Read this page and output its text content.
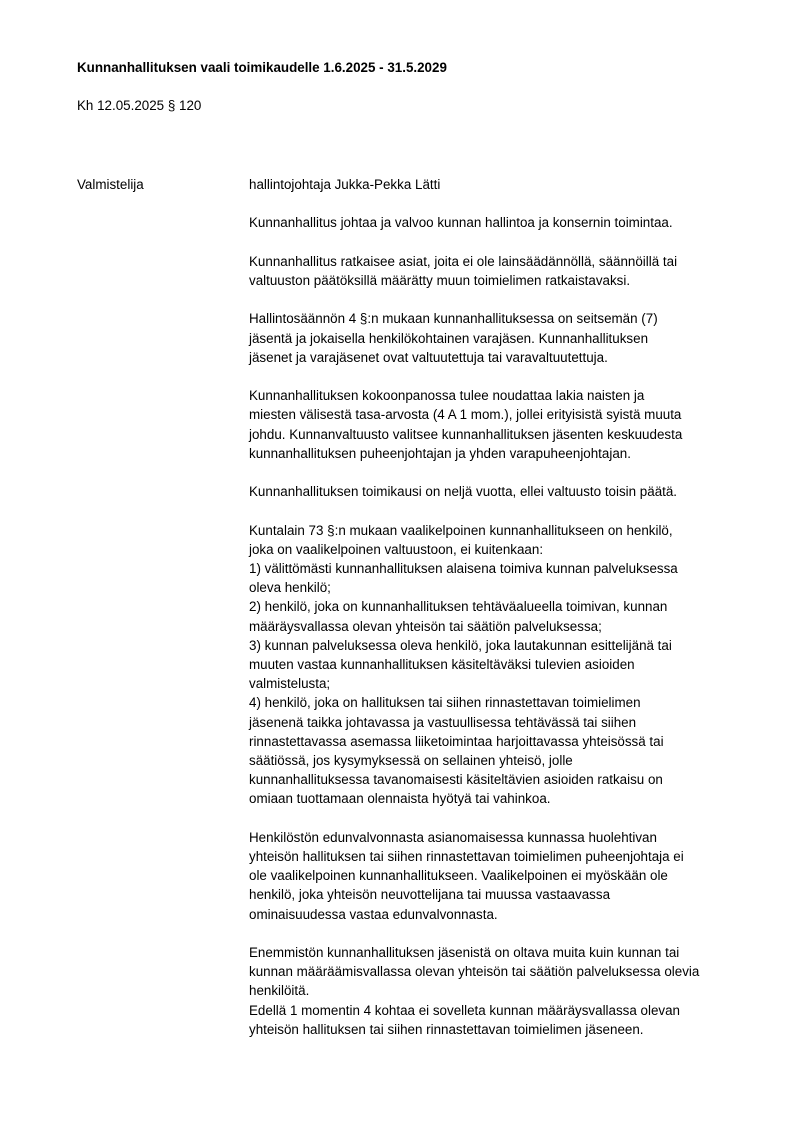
Kunnanhallituksen vaali toimikaudelle 1.6.2025 - 31.5.2029
Kh 12.05.2025 § 120
Valmistelija	hallintojohtaja Jukka-Pekka Lätti
Kunnanhallitus johtaa ja valvoo kunnan hallintoa ja konsernin toimintaa.
Kunnanhallitus ratkaisee asiat, joita ei ole lainsäädännöllä, säännöillä tai
valtuuston päätöksillä määrätty muun toimielimen ratkaistavaksi.
Hallintosäännön 4 §:n mukaan kunnanhallituksessa on seitsemän (7)
jäsentä ja jokaisella henkilökohtainen varajäsen. Kunnanhallituksen
jäsenet ja varajäsenet ovat valtuutettuja tai varavaltuutettuja.
Kunnanhallituksen kokoonpanossa tulee noudattaa lakia naisten ja
miesten välisestä tasa-arvosta (4 A 1 mom.), jollei erityisistä syistä muuta
johdu. Kunnanvaltuusto valitsee kunnanhallituksen jäsenten keskuudesta
kunnanhallituksen puheenjohtajan ja yhden varapuheenjohtajan.
Kunnanhallituksen toimikausi on neljä vuotta, ellei valtuusto toisin päätä.
Kuntalain 73 §:n mukaan vaalikelpoinen kunnanhallitukseen on henkilö,
joka on vaalikelpoinen valtuustoon, ei kuitenkaan:
1) välittömästi kunnanhallituksen alaisena toimiva kunnan palveluksessa
oleva henkilö;
2) henkilö, joka on kunnanhallituksen tehtäväalueella toimivan, kunnan
määräysvallassa olevan yhteisön tai säätiön palveluksessa;
3) kunnan palveluksessa oleva henkilö, joka lautakunnan esittelijänä tai
muuten vastaa kunnanhallituksen käsiteltäväksi tulevien asioiden
valmistelusta;
4) henkilö, joka on hallituksen tai siihen rinnastettavan toimielimen
jäsenenä taikka johtavassa ja vastuullisessa tehtävässä tai siihen
rinnastettavassa asemassa liiketoimintaa harjoittavassa yhteisössä tai
säätiössä, jos kysymyksessä on sellainen yhteisö, jolle
kunnanhallituksessa tavanomaisesti käsiteltävien asioiden ratkaisu on
omiaan tuottamaan olennaista hyötyä tai vahinkoa.
Henkilöstön edunvalvonnasta asianomaisessa kunnassa huolehtivan
yhteisön hallituksen tai siihen rinnastettavan toimielimen puheenjohtaja ei
ole vaalikelpoinen kunnanhallitukseen. Vaalikelpoinen ei myöskään ole
henkilö, joka yhteisön neuvottelijana tai muussa vastaavassa
ominaisuudessa vastaa edunvalvonnasta.
Enemmistön kunnanhallituksen jäsenistä on oltava muita kuin kunnan tai
kunnan määräämisvallassa olevan yhteisön tai säätiön palveluksessa olevia
henkilöitä.
Edellä 1 momentin 4 kohtaa ei sovelleta kunnan määräysvallassa olevan
yhteisön hallituksen tai siihen rinnastettavan toimielimen jäseneen.
